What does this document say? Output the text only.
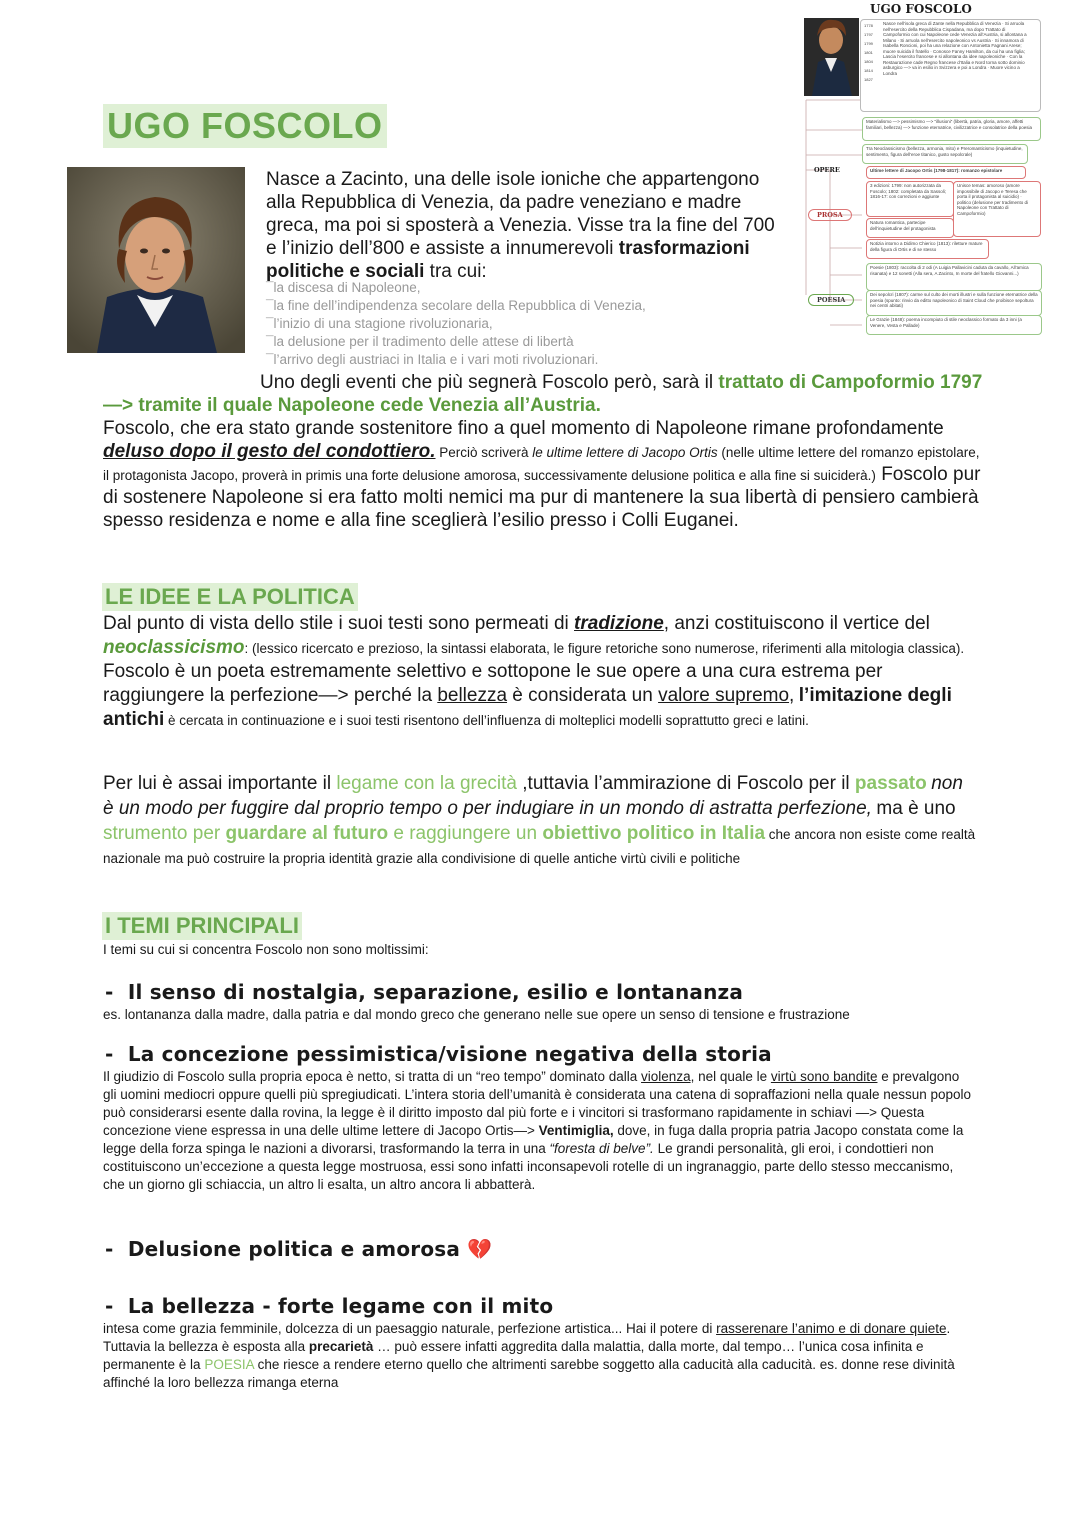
UGO FOSCOLO
1778
1797
1799
1801
1804
1814
1827
Nasce nell’isola greca di Zante nella Repubblica di Venezia · Si arruola nell’esercito della Repubblica Cispadana, ma dopo Trattato di Campoformio con cui Napoleone cede Venezia all’Austria, si allontana a Milano · Si arruola nell’esercito napoleonico vs Austria · Si innamora di Isabella Roncioni, poi ha una relazione con Antonietta Fagnani Arese; muore suicida il fratello · Conosce Fanny Hamilton, da cui ha una figlia; Lascia l’esercito francese e si allontana da idee napoleoniche · Con la Restaurazione cade Regno francese d’Italia e Nord torna sotto dominio asburgico —> va in esilio in Svizzera e poi a Londra · Muore vicino a Londra
Materialismo —> pessimismo —> “illusioni” (libertà, patria, gloria, amore, affetti familiari, bellezza) —> funzione eternatrice, civilizzatrice e consolatrice della poesia
Tra Neoclassicismo (bellezza, armonia, mito) e Preromanticismo (inquietudine, sentimento, figura dell’eroe titanico, gusto sepolcrale)
OPERE	Ultime lettere di Jacopo Ortis (1798-1817): romanzo epistolare
PROSA
3 edizioni: 1799: non autorizzata da Foscolo; 1802: completata da Sassoli; 1816-17: con correzioni e aggiunte
Unisce temas: amoroso (amore impossibile di Jacopo e Teresa che porta il protagonista al suicidio) · politico (delusione per tradimento di Napoleone con Trattato di Campoformio)
Natura romantica, partecipe dell’inquietudine del protagonista
Notizia intorno a Didimo Chierico (1813): riletture mature della figura di Ortis e di se stesso
POESIA
Poesie (1803): raccolta di 2 odi (A Luigia Pallavicini caduta da cavallo, All’amica risanata) e 12 sonetti (Alla sera, A Zacinto, In morte del fratello Giovanni...)
Dei sepolcri (1807): carme sul culto dei morti illustri e sulla funzione eternatrice della poesia (spunto: rinvio da editto napoleonico di Saint Cloud che proibisce sepoltura nei centri abitati)
Le Grazie (1848): poema incompiuto di stile neoclassico formato da 3 inni (a Venere, Vesta e Pallade)
UGO FOSCOLO
Nasce a Zacinto, una delle isole ioniche che appartengono alla Repubblica di Venezia, da padre veneziano e madre greca, ma poi si sposterà a Venezia. Visse tra la fine del 700 e l’inizio dell’800 e assiste a innumerevoli trasformazioni politiche e sociali tra cui:
¯la discesa di Napoleone,
¯la fine dell’indipendenza secolare della Repubblica di Venezia,
¯l’inizio di una stagione rivoluzionaria,
¯la delusione per il tradimento delle attese di libertà
¯l’arrivo degli austriaci in Italia e i vari moti rivoluzionari.
Uno degli eventi che più segnerà Foscolo però, sarà il trattato di Campoformio 1797 —> tramite il quale Napoleone cede Venezia all’Austria.
Foscolo, che era stato grande sostenitore fino a quel momento di Napoleone rimane profondamente deluso dopo il gesto del condottiero. Perciò scriverà le ultime lettere di Jacopo Ortis (nelle ultime lettere del romanzo epistolare, il protagonista Jacopo, proverà in primis una forte delusione amorosa, successivamente delusione politica e alla fine si suiciderà.) Foscolo pur di sostenere Napoleone si era fatto molti nemici ma pur di mantenere la sua libertà di pensiero cambierà spesso residenza e nome e alla fine sceglierà l’esilio presso i Colli Euganei.
LE IDEE E LA POLITICA
Dal punto di vista dello stile i suoi testi sono permeati di tradizione, anzi costituiscono il vertice del neoclassicismo: (lessico ricercato e prezioso, la sintassi elaborata, le figure retoriche sono numerose, riferimenti alla mitologia classica). Foscolo è un poeta estremamente selettivo e sottopone le sue opere a una cura estrema per raggiungere la perfezione—> perché la bellezza è considerata un valore supremo, l’imitazione degli antichi è cercata in continuazione e i suoi testi risentono dell’influenza di molteplici modelli soprattutto greci e latini.
Per lui è assai importante il legame con la grecità ,tuttavia l’ammirazione di Foscolo per il passato non è un modo per fuggire dal proprio tempo o per indugiare in un mondo di astratta perfezione, ma è uno strumento per guardare al futuro e raggiungere un obiettivo politico in Italia che ancora non esiste come realtà nazionale ma può costruire la propria identità grazie alla condivisione di quelle antiche virtù civili e politiche
I TEMI PRINCIPALI
I temi su cui si concentra Foscolo non sono moltissimi:
- Il senso di nostalgia, separazione, esilio e lontananza
es. lontananza dalla madre, dalla patria e dal mondo greco che generano nelle sue opere un senso di tensione e frustrazione
- La concezione pessimistica/visione negativa della storia
Il giudizio di Foscolo sulla propria epoca è netto, si tratta di un “reo tempo” dominato dalla violenza, nel quale le virtù sono bandite e prevalgono gli uomini mediocri oppure quelli più spregiudicati. L’intera storia dell’umanità è considerata una catena di sopraffazioni nella quale nessun popolo può considerarsi esente dalla rovina, la legge è il diritto imposto dal più forte e i vincitori si trasformano rapidamente in schiavi —> Questa concezione viene espressa in una delle ultime lettere di Jacopo Ortis—> Ventimiglia, dove, in fuga dalla propria patria Jacopo constata come la legge della forza spinga le nazioni a divorarsi, trasformando la terra in una “foresta di belve”. Le grandi personalità, gli eroi, i condottieri non costituiscono un’eccezione a questa legge mostruosa, essi sono infatti inconsapevoli rotelle di un ingranaggio, parte dello stesso meccanismo, che un giorno gli schiaccia, un altro li esalta, un altro ancora li abbatterà.
- Delusione politica e amorosa 💔
- La bellezza - forte legame con il mito
intesa come grazia femminile, dolcezza di un paesaggio naturale, perfezione artistica... Hai il potere di rasserenare l’animo e di donare quiete. Tuttavia la bellezza è esposta alla precarietà … può essere infatti aggredita dalla malattia, dalla morte, dal tempo… l’unica cosa infinita e permanente è la POESIA che riesce a rendere eterno quello che altrimenti sarebbe soggetto alla caducità alla caducità. es. donne rese divinità affinché la loro bellezza rimanga eterna
